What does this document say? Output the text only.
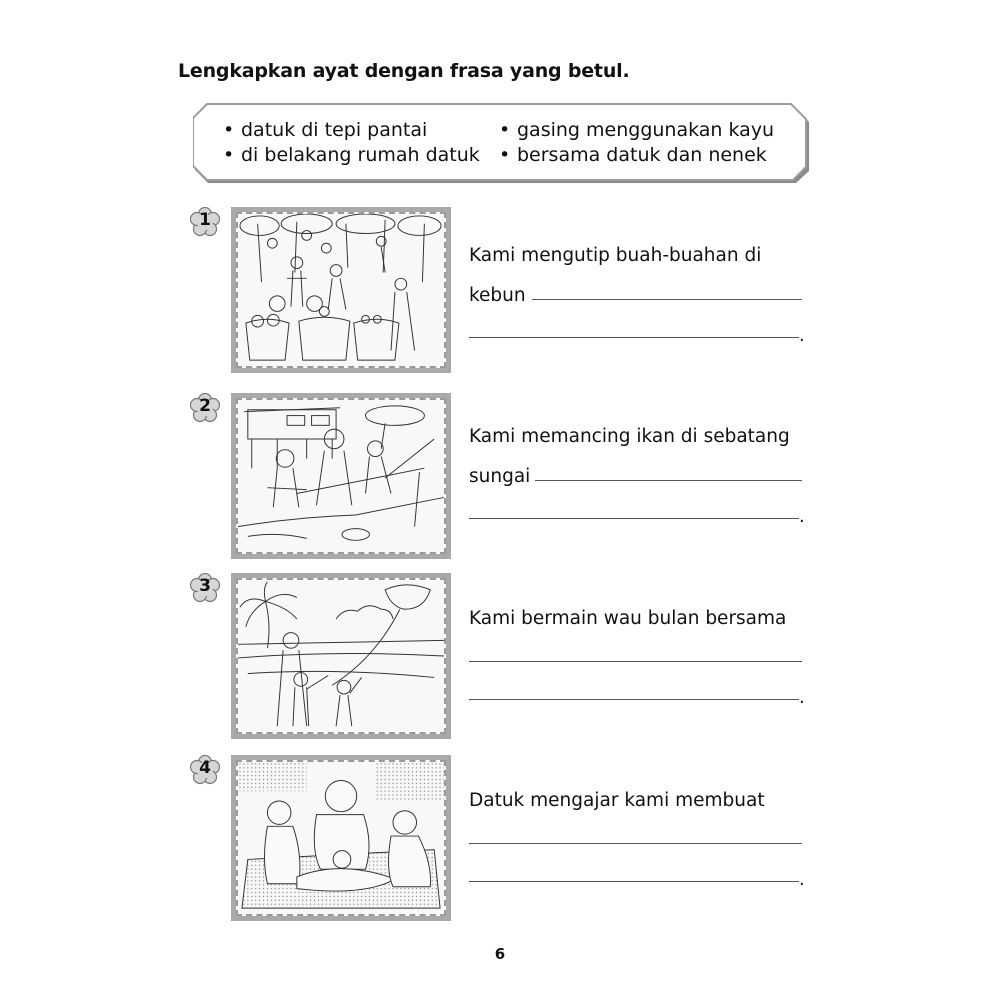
Lengkapkan ayat dengan frasa yang betul.
• datuk di tepi pantai	• gasing menggunakan kayu
• di belakang rumah datuk	• bersama datuk dan nenek
1
Kami mengutip buah-buahan di
kebun
.
2
Kami memancing ikan di sebatang
sungai
.
3
Kami bermain wau bulan bersama
.
4
Datuk mengajar kami membuat
.
6
